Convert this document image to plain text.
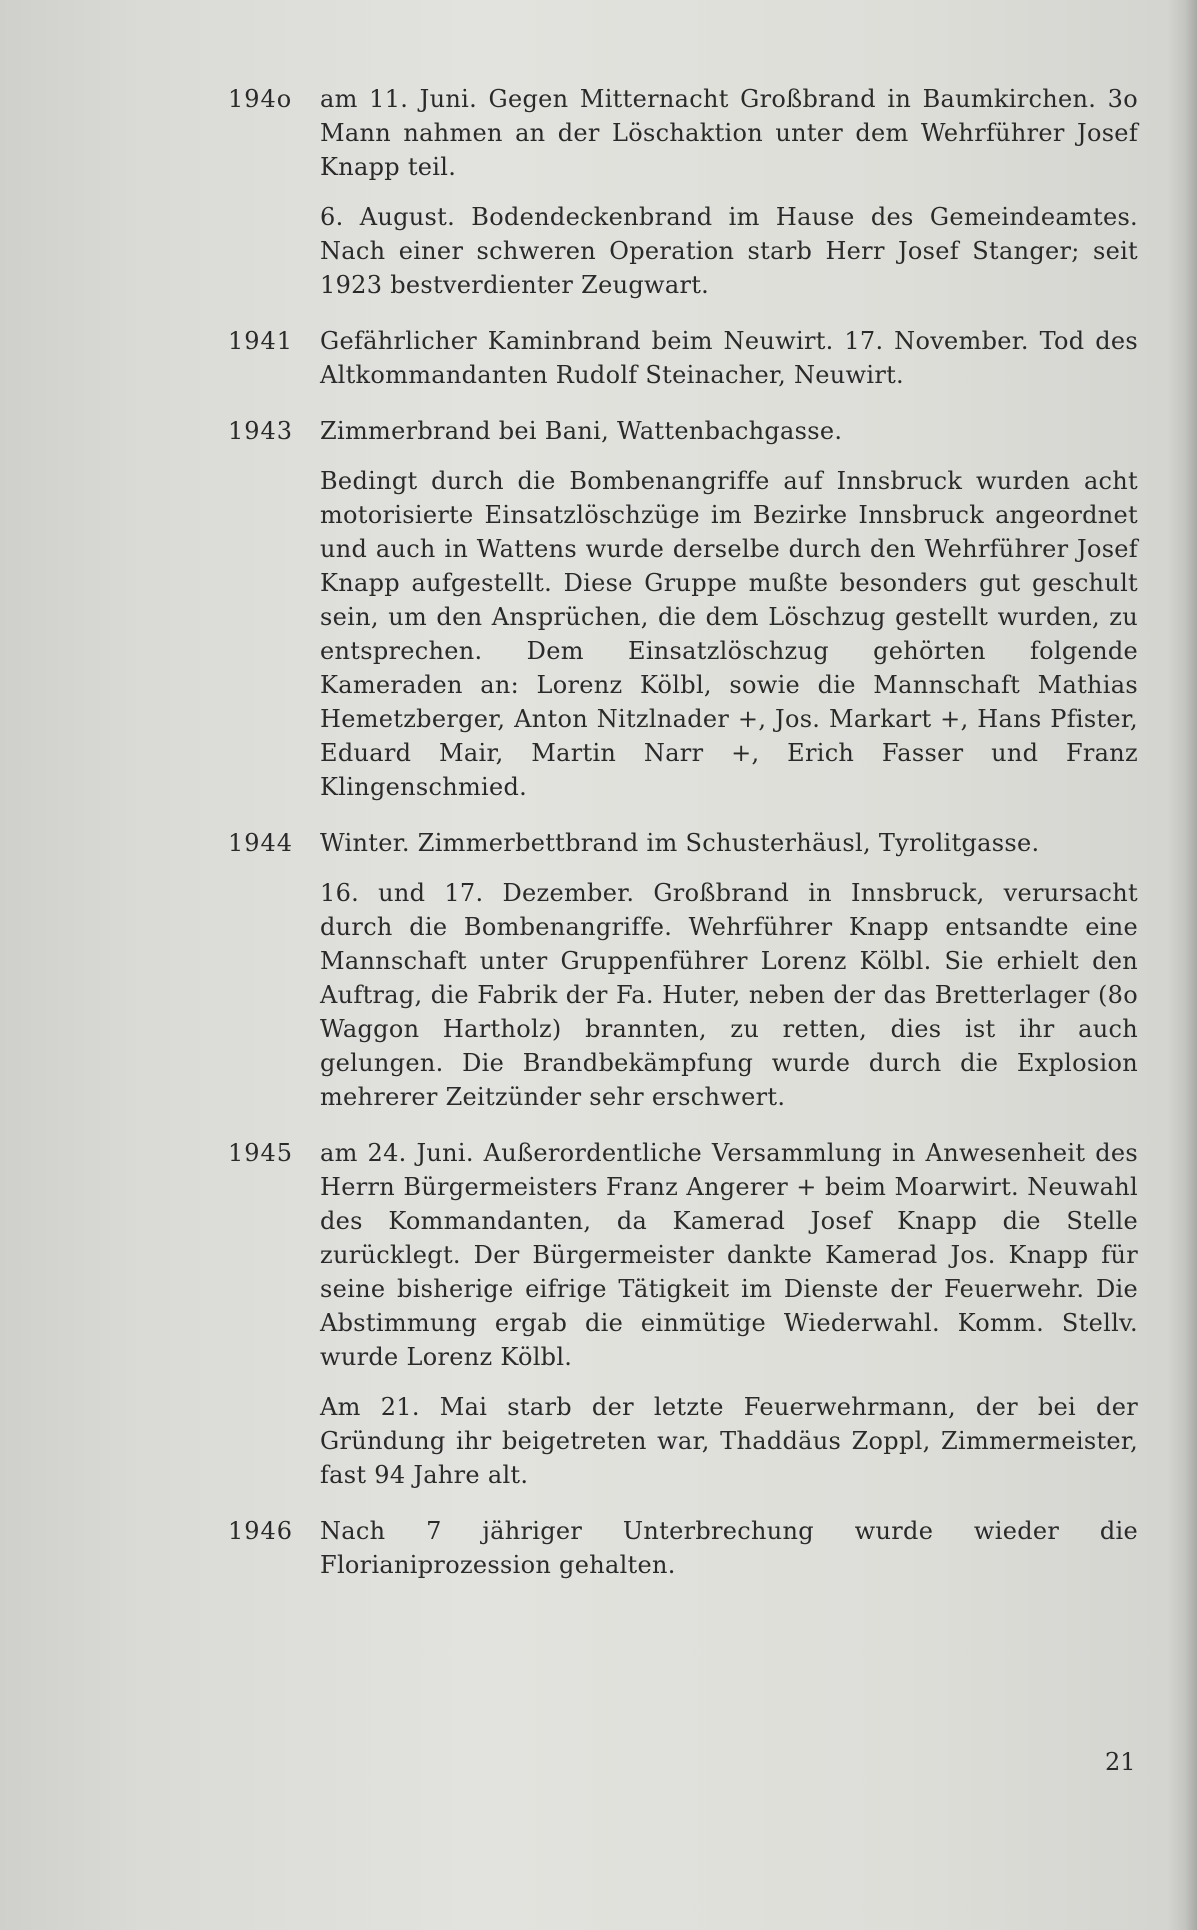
194o	am 11. Juni. Gegen Mitternacht Großbrand in Baumkirchen. 3o Mann nahmen an der Löschaktion unter dem Wehrführer Josef Knapp teil.

6. August. Bodendeckenbrand im Hause des Gemeindeamtes. Nach einer schweren Operation starb Herr Josef Stanger; seit 1923 bestverdienter Zeugwart.

1941	Gefährlicher Kaminbrand beim Neuwirt. 17. November. Tod des Altkommandanten Rudolf Steinacher, Neuwirt.

1943	Zimmerbrand bei Bani, Wattenbachgasse.

Bedingt durch die Bombenangriffe auf Innsbruck wurden acht motorisierte Einsatzlöschzüge im Bezirke Innsbruck angeordnet und auch in Wattens wurde derselbe durch den Wehrführer Josef Knapp aufgestellt. Diese Gruppe mußte besonders gut geschult sein, um den Ansprüchen, die dem Löschzug gestellt wurden, zu entsprechen. Dem Einsatzlöschzug gehörten folgende Kameraden an: Lorenz Kölbl, sowie die Mannschaft Mathias Hemetzberger, Anton Nitzlnader +, Jos. Markart +, Hans Pfister, Eduard Mair, Martin Narr +, Erich Fasser und Franz Klingenschmied.

1944	Winter. Zimmerbettbrand im Schusterhäusl, Tyrolitgasse.

16. und 17. Dezember. Großbrand in Innsbruck, verursacht durch die Bombenangriffe. Wehrführer Knapp entsandte eine Mannschaft unter Gruppenführer Lorenz Kölbl. Sie erhielt den Auftrag, die Fabrik der Fa. Huter, neben der das Bretterlager (8o Waggon Hartholz) brannten, zu retten, dies ist ihr auch gelungen. Die Brandbekämpfung wurde durch die Explosion mehrerer Zeitzünder sehr erschwert.

1945	am 24. Juni. Außerordentliche Versammlung in Anwesenheit des Herrn Bürgermeisters Franz Angerer + beim Moarwirt. Neuwahl des Kommandanten, da Kamerad Josef Knapp die Stelle zurücklegt. Der Bürgermeister dankte Kamerad Jos. Knapp für seine bisherige eifrige Tätigkeit im Dienste der Feuerwehr. Die Abstimmung ergab die einmütige Wiederwahl. Komm. Stellv. wurde Lorenz Kölbl.

Am 21. Mai starb der letzte Feuerwehrmann, der bei der Gründung ihr beigetreten war, Thaddäus Zoppl, Zimmermeister, fast 94 Jahre alt.

1946	Nach 7 jähriger Unterbrechung wurde wieder die Florianiprozession gehalten.

21
